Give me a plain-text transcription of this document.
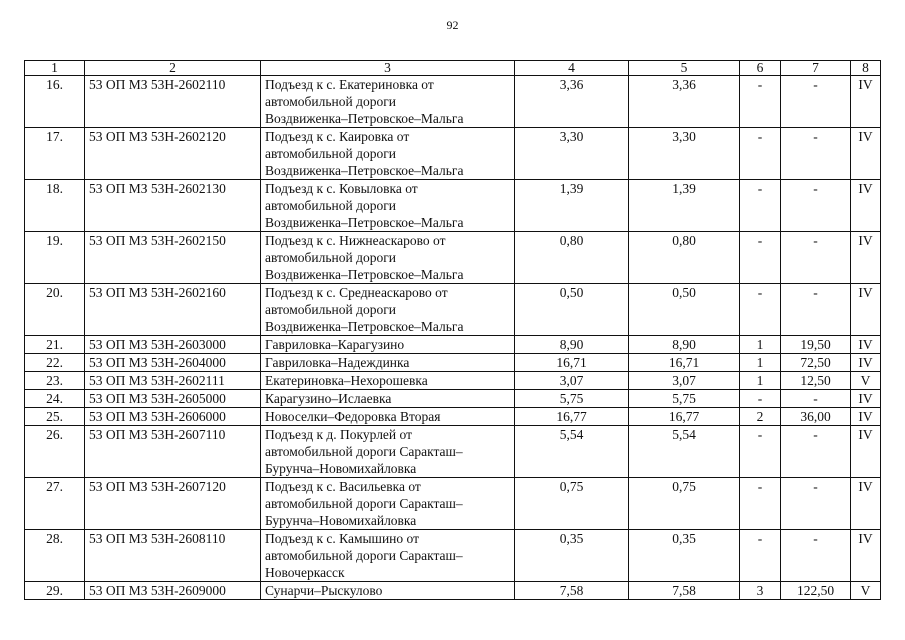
92
1	2	3	4	5	6	7	8
16.	53 ОП МЗ 53Н-2602110	Подъезд к с. Екатериновка от
автомобильной дороги
Воздвиженка–Петровское–Мальга	3,36	3,36	-	-	IV
17.	53 ОП МЗ 53Н-2602120	Подъезд к с. Каировка от
автомобильной дороги
Воздвиженка–Петровское–Мальга	3,30	3,30	-	-	IV
18.	53 ОП МЗ 53Н-2602130	Подъезд к с. Ковыловка от
автомобильной дороги
Воздвиженка–Петровское–Мальга	1,39	1,39	-	-	IV
19.	53 ОП МЗ 53Н-2602150	Подъезд к с. Нижнеаскарово от
автомобильной дороги
Воздвиженка–Петровское–Мальга	0,80	0,80	-	-	IV
20.	53 ОП МЗ 53Н-2602160	Подъезд к с. Среднеаскарово от
автомобильной дороги
Воздвиженка–Петровское–Мальга	0,50	0,50	-	-	IV
21.	53 ОП МЗ 53Н-2603000	Гавриловка–Карагузино	8,90	8,90	1	19,50	IV
22.	53 ОП МЗ 53Н-2604000	Гавриловка–Надеждинка	16,71	16,71	1	72,50	IV
23.	53 ОП МЗ 53Н-2602111	Екатериновка–Нехорошевка	3,07	3,07	1	12,50	V
24.	53 ОП МЗ 53Н-2605000	Карагузино–Ислаевка	5,75	5,75	-	-	IV
25.	53 ОП МЗ 53Н-2606000	Новоселки–Федоровка Вторая	16,77	16,77	2	36,00	IV
26.	53 ОП МЗ 53Н-2607110	Подъезд к д. Покурлей от
автомобильной дороги Саракташ–
Бурунча–Новомихайловка	5,54	5,54	-	-	IV
27.	53 ОП МЗ 53Н-2607120	Подъезд к с. Васильевка от
автомобильной дороги Саракташ–
Бурунча–Новомихайловка	0,75	0,75	-	-	IV
28.	53 ОП МЗ 53Н-2608110	Подъезд к с. Камышино от
автомобильной дороги Саракташ–
Новочеркасск	0,35	0,35	-	-	IV
29.	53 ОП МЗ 53Н-2609000	Сунарчи–Рыскулово	7,58	7,58	3	122,50	V
